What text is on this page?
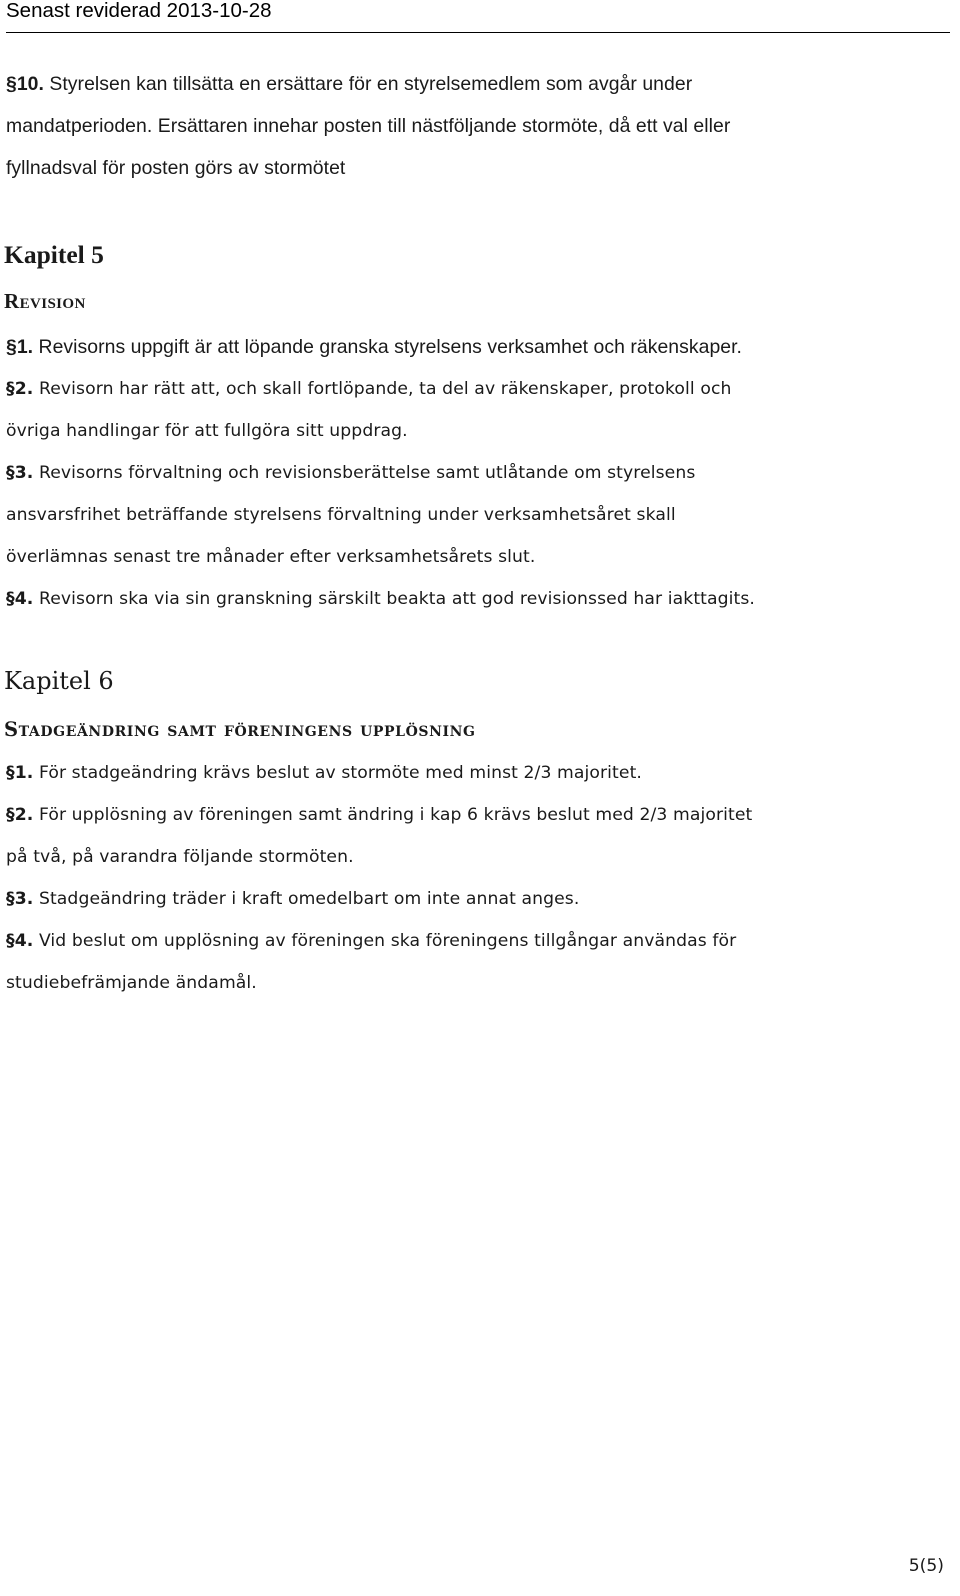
Senast reviderad 2013-10-28
§10. Styrelsen kan tillsätta en ersättare för en styrelsemedlem som avgår under
mandatperioden. Ersättaren innehar posten till nästföljande stormöte, då ett val eller
fyllnadsval för posten görs av stormötet
Kapitel 5
Revision
§1. Revisorns uppgift är att löpande granska styrelsens verksamhet och räkenskaper.
§2. Revisorn har rätt att, och skall fortlöpande, ta del av räkenskaper, protokoll och
övriga handlingar för att fullgöra sitt uppdrag.
§3. Revisorns förvaltning och revisionsberättelse samt utlåtande om styrelsens
ansvarsfrihet beträffande styrelsens förvaltning under verksamhetsåret skall
överlämnas senast tre månader efter verksamhetsårets slut.
§4. Revisorn ska via sin granskning särskilt beakta att god revisionssed har iakttagits.
Kapitel 6
Stadgeändring samt föreningens upplösning
§1. För stadgeändring krävs beslut av stormöte med minst 2/3 majoritet.
§2. För upplösning av föreningen samt ändring i kap 6 krävs beslut med 2/3 majoritet
på två, på varandra följande stormöten.
§3. Stadgeändring träder i kraft omedelbart om inte annat anges.
§4. Vid beslut om upplösning av föreningen ska föreningens tillgångar användas för
studiebefrämjande ändamål.
5(5)
